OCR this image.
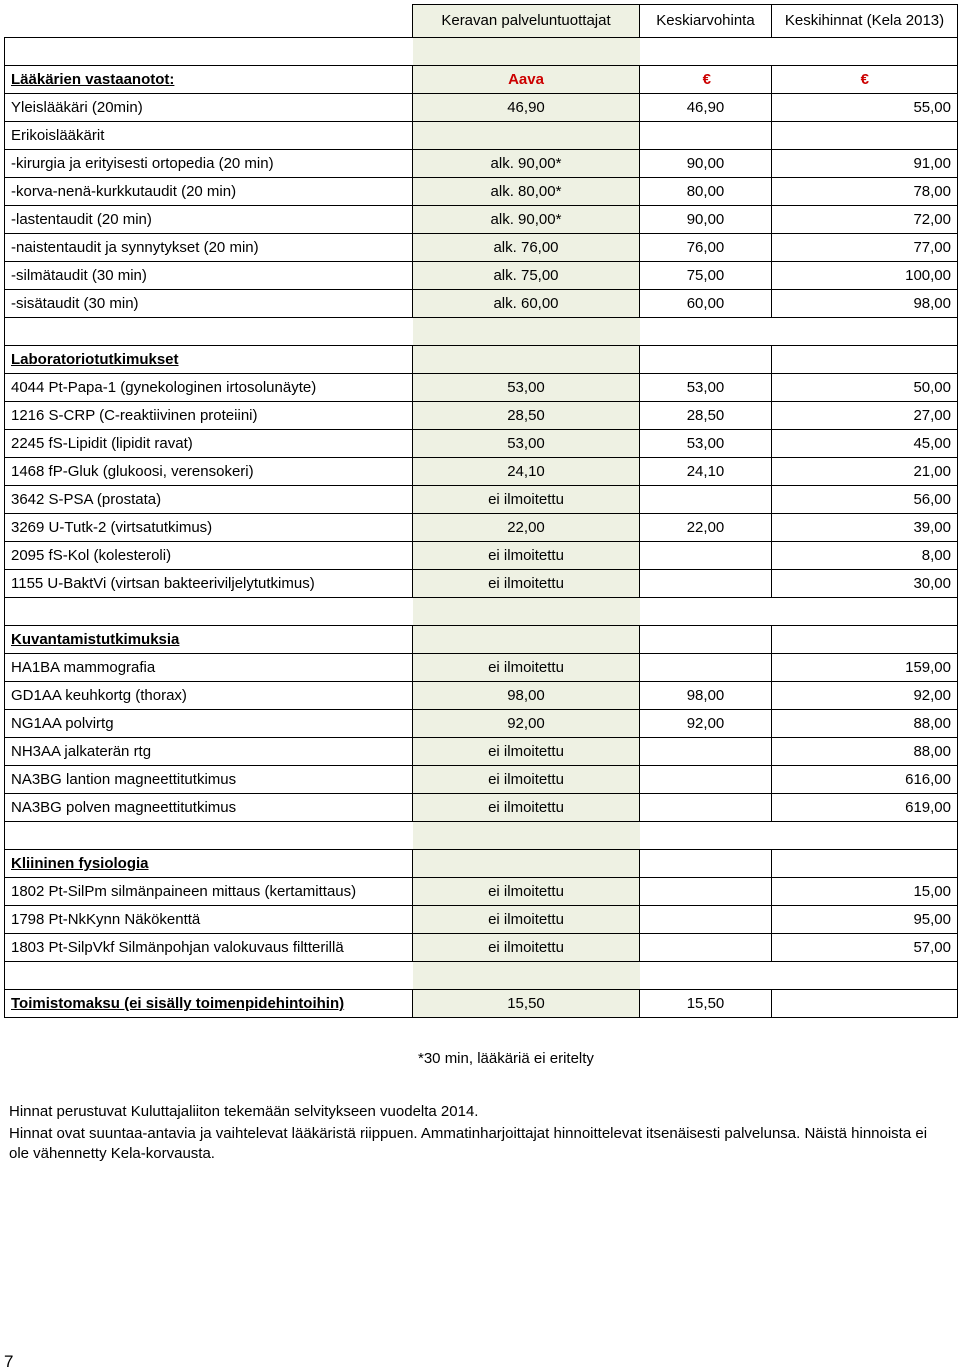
	Keravan palveluntuottajat	Keskiarvohinta	Keskihinnat (Kela 2013)

Lääkärien vastaanotot:	Aava	€	€
Yleislääkäri (20min)	46,90	46,90	55,00
Erikoislääkärit			
-kirurgia ja erityisesti ortopedia (20 min)	alk. 90,00*	90,00	91,00
-korva-nenä-kurkkutaudit (20 min)	alk. 80,00*	80,00	78,00
-lastentaudit (20 min)	alk. 90,00*	90,00	72,00
-naistentaudit ja synnytykset (20 min)	alk. 76,00	76,00	77,00
-silmätaudit (30 min)	alk. 75,00	75,00	100,00
-sisätaudit (30 min)	alk. 60,00	60,00	98,00

Laboratoriotutkimukset			
4044 Pt-Papa-1 (gynekologinen irtosolunäyte)	53,00	53,00	50,00
1216 S-CRP (C-reaktiivinen proteiini)	28,50	28,50	27,00
2245 fS-Lipidit (lipidit ravat)	53,00	53,00	45,00
1468 fP-Gluk (glukoosi, verensokeri)	24,10	24,10	21,00
3642 S-PSA (prostata)	ei ilmoitettu		56,00
3269 U-Tutk-2 (virtsatutkimus)	22,00	22,00	39,00
2095 fS-Kol (kolesteroli)	ei ilmoitettu		8,00
1155 U-BaktVi (virtsan bakteeriviljelytutkimus)	ei ilmoitettu		30,00

Kuvantamistutkimuksia			
HA1BA mammografia	ei ilmoitettu		159,00
GD1AA keuhkortg (thorax)	98,00	98,00	92,00
NG1AA polvirtg	92,00	92,00	88,00
NH3AA jalkaterän rtg	ei ilmoitettu		88,00
NA3BG lantion magneettitutkimus	ei ilmoitettu		616,00
NA3BG polven magneettitutkimus	ei ilmoitettu		619,00

Kliininen fysiologia			
1802 Pt-SilPm silmänpaineen mittaus (kertamittaus)	ei ilmoitettu		15,00
1798 Pt-NkKynn Näkökenttä	ei ilmoitettu		95,00
1803 Pt-SilpVkf Silmänpohjan valokuvaus filtterillä	ei ilmoitettu		57,00

Toimistomaksu (ei sisälly toimenpidehintoihin)	15,50	15,50	
*30 min, lääkäriä ei eritelty
Hinnat perustuvat Kuluttajaliiton tekemään selvitykseen vuodelta 2014.
Hinnat ovat suuntaa-antavia ja vaihtelevat lääkäristä riippuen. Ammatinharjoittajat hinnoittelevat itsenäisesti palvelunsa. Näistä hinnoista ei ole vähennetty Kela-korvausta.
7
